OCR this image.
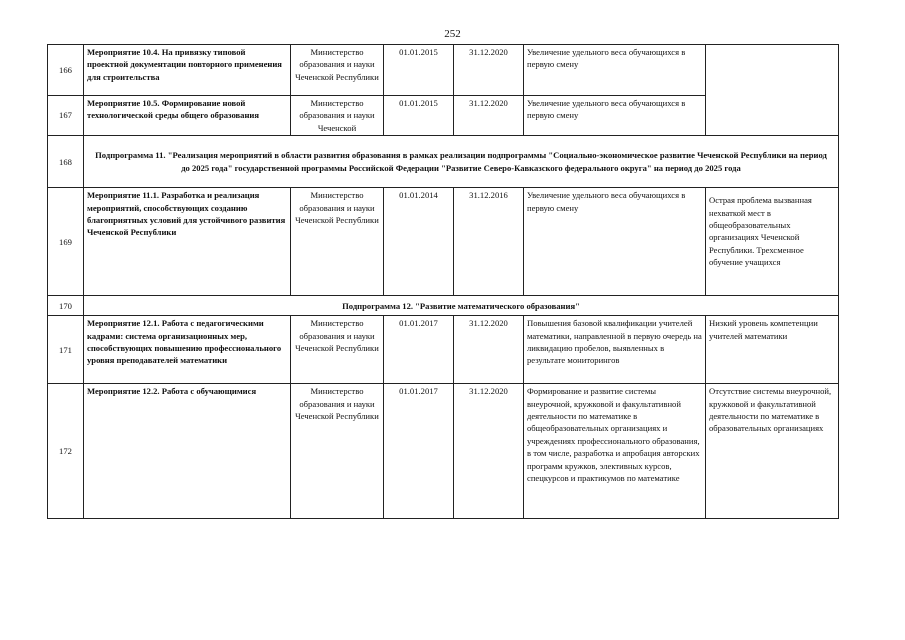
252
166	Мероприятие 10.4. На привязку типовой проектной документации повторного применения для строительства	Министерство образования и науки Чеченской Республики	01.01.2015	31.12.2020	Увеличение удельного веса обучающихся в первую смену	
167	Мероприятие 10.5. Формирование новой технологической среды общего образования	Министерство образования и науки Чеченской	01.01.2015	31.12.2020	Увеличение удельного веса обучающихся в первую смену	
168	Подпрограмма 11. "Реализация мероприятий в области развития образования в рамках реализации подпрограммы "Социально-экономическое развитие Чеченской Республики на период до 2025 года" государственной программы Российской Федерации "Развитие Северо-Кавказского федерального округа" на период до 2025 года					
169	Мероприятие 11.1. Разработка и реализация мероприятий, способствующих созданию благоприятных условий для устойчивого развития Чеченской Республики	Министерство образования и науки Чеченской Республики	01.01.2014	31.12.2016	Увеличение удельного веса обучающихся в первую смену	Острая проблема вызванная нехваткой мест в общеобразовательных организациях Чеченской Республики. Трехсменное обучение учащихся
170	Подпрограмма 12. "Развитие математического образования"					
171	Мероприятие 12.1. Работа с педагогическими кадрами: система организационных мер, способствующих повышению профессионального уровня преподавателей математики	Министерство образования и науки Чеченской Республики	01.01.2017	31.12.2020	Повышения базовой квалификации учителей математики, направленной в первую очередь на ликвидацию пробелов, выявленных в результате мониторингов	Низкий уровень компетенции учителей математики
172	Мероприятие 12.2. Работа с обучающимися	Министерство образования и науки Чеченской Республики	01.01.2017	31.12.2020	Формирование и развитие системы внеурочной, кружковой и факультативной деятельности по математике в общеобразовательных организациях и учреждениях профессионального образования, в том числе, разработка и апробация авторских программ кружков, элективных курсов, спецкурсов и практикумов по математике	Отсутствие системы внеурочной, кружковой и факультативной деятельности по математике в образовательных организациях
